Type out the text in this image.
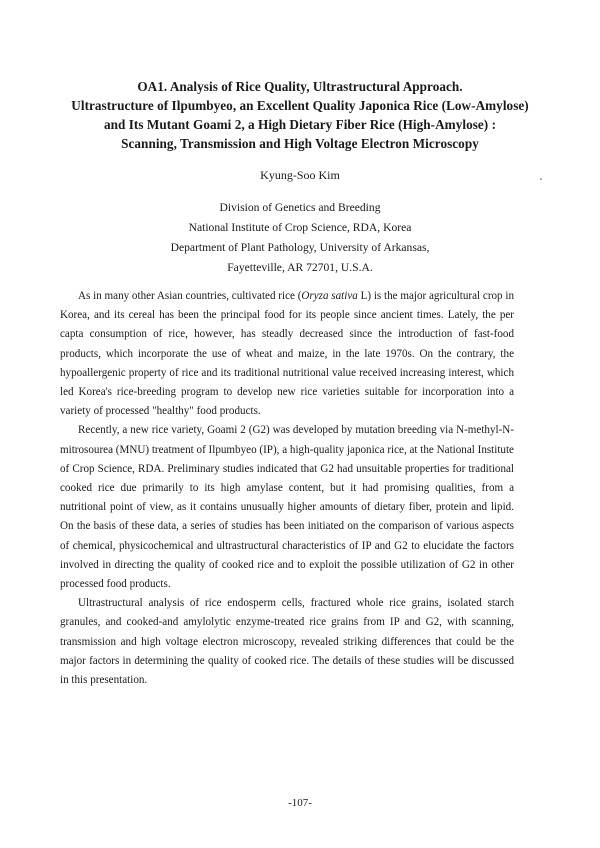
OA1. Analysis of Rice Quality, Ultrastructural Approach.
Ultrastructure of Ilpumbyeo, an Excellent Quality Japonica Rice (Low-Amylose)
and Its Mutant Goami 2, a High Dietary Fiber Rice (High-Amylose) :
Scanning, Transmission and High Voltage Electron Microscopy
Kyung-Soo Kim
Division of Genetics and Breeding
National Institute of Crop Science, RDA, Korea
Department of Plant Pathology, University of Arkansas,
Fayetteville, AR 72701, U.S.A.

As in many other Asian countries, cultivated rice (Oryza sativa L) is the major agricultural crop in Korea, and its cereal has been the principal food for its people since ancient times. Lately, the per capta consumption of rice, however, has steadly decreased since the introduction of fast-food products, which incorporate the use of wheat and maize, in the late 1970s. On the contrary, the hypoallergenic property of rice and its traditional nutritional value received increasing interest, which led Korea's rice-breeding program to develop new rice varieties suitable for incorporation into a variety of processed "healthy" food products.

Recently, a new rice variety, Goami 2 (G2) was developed by mutation breeding via N-methyl-N-mitrosourea (MNU) treatment of Ilpumbyeo (IP), a high-quality japonica rice, at the National Institute of Crop Science, RDA. Preliminary studies indicated that G2 had unsuitable properties for traditional cooked rice due primarily to its high amylase content, but it had promising qualities, from a nutritional point of view, as it contains unusually higher amounts of dietary fiber, protein and lipid. On the basis of these data, a series of studies has been initiated on the comparison of various aspects of chemical, physicochemical and ultrastructural characteristics of IP and G2 to elucidate the factors involved in directing the quality of cooked rice and to exploit the possible utilization of G2 in other processed food products.

Ultrastructural analysis of rice endosperm cells, fractured whole rice grains, isolated starch granules, and cooked-and amylolytic enzyme-treated rice grains from IP and G2, with scanning, transmission and high voltage electron microscopy, revealed striking differences that could be the major factors in determining the quality of cooked rice. The details of these studies will be discussed in this presentation.

-107-
